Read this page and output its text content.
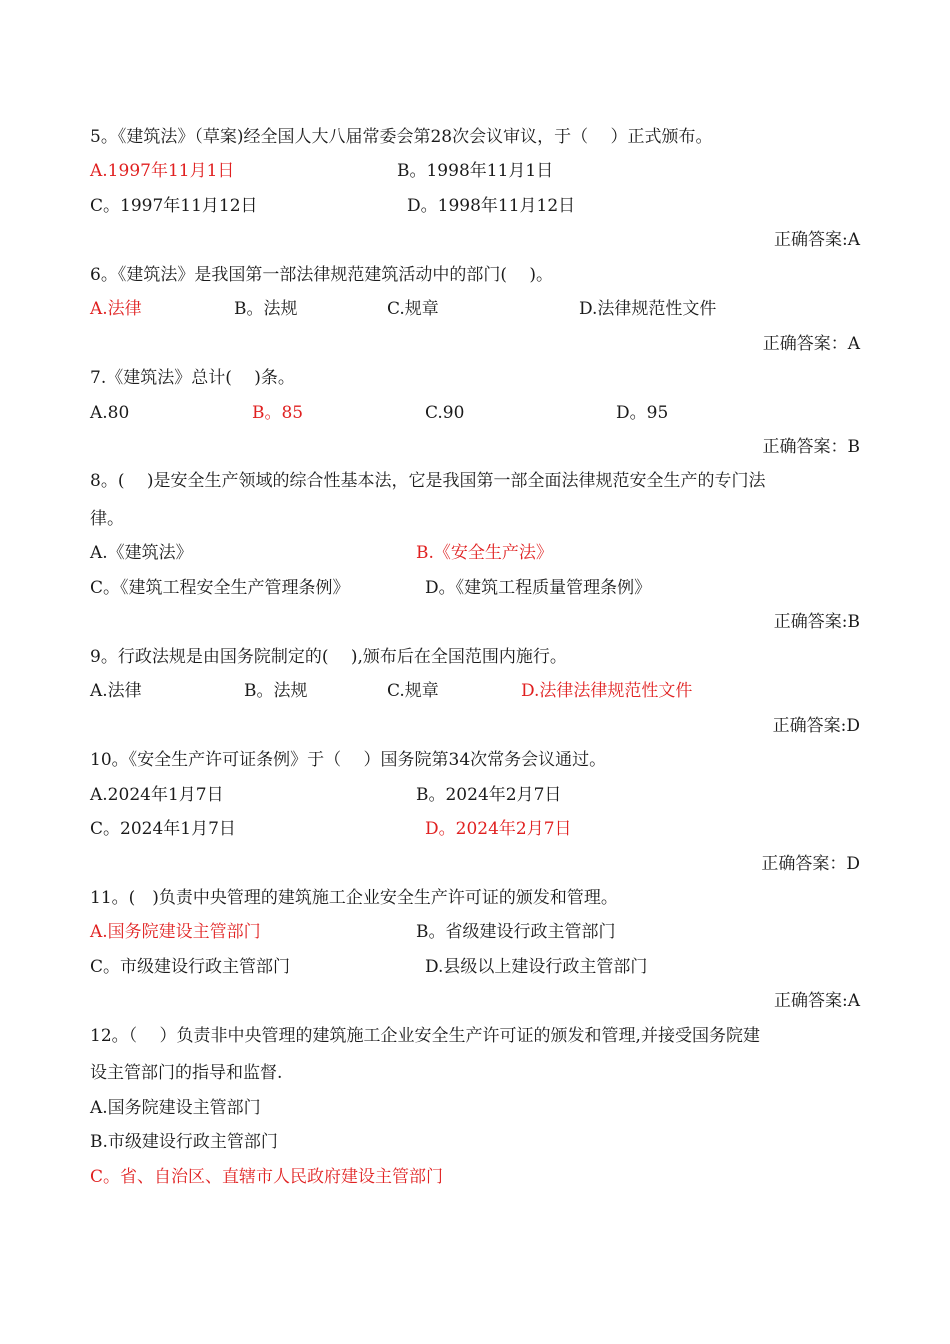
5。《建筑法》（草案)经全国人大八届常委会第28次会议审议，于（　 ）正式颁布。
A.1997年11月1日	B。1998年11月1日
C。1997年11月12日	D。1998年11月12日
正确答案:A
6。《建筑法》是我国第一部法律规范建筑活动中的部门(　 )。
A.法律	B。法规	C.规章	D.法律规范性文件
正确答案：A
7.《建筑法》总计(　 )条。
A.80	B。85	C.90	D。95
正确答案：B
8。(　 )是安全生产领域的综合性基本法，它是我国第一部全面法律规范安全生产的专门法
律。
A.《建筑法》	B.《安全生产法》
C。《建筑工程安全生产管理条例》	D。《建筑工程质量管理条例》
正确答案:B
9。行政法规是由国务院制定的(　 ),颁布后在全国范围内施行。
A.法律	B。法规	C.规章	D.法律法律规范性文件
正确答案:D
10。《安全生产许可证条例》于（　 ）国务院第34次常务会议通过。
A.2024年1月7日	B。2024年2月7日
C。2024年1月7日	D。2024年2月7日
正确答案：D
11。(　)负责中央管理的建筑施工企业安全生产许可证的颁发和管理。
A.国务院建设主管部门	B。省级建设行政主管部门
C。市级建设行政主管部门	D.县级以上建设行政主管部门
正确答案:A
12。（　 ）负责非中央管理的建筑施工企业安全生产许可证的颁发和管理,并接受国务院建
设主管部门的指导和监督.
A.国务院建设主管部门
B.市级建设行政主管部门
C。省、自治区、直辖市人民政府建设主管部门
